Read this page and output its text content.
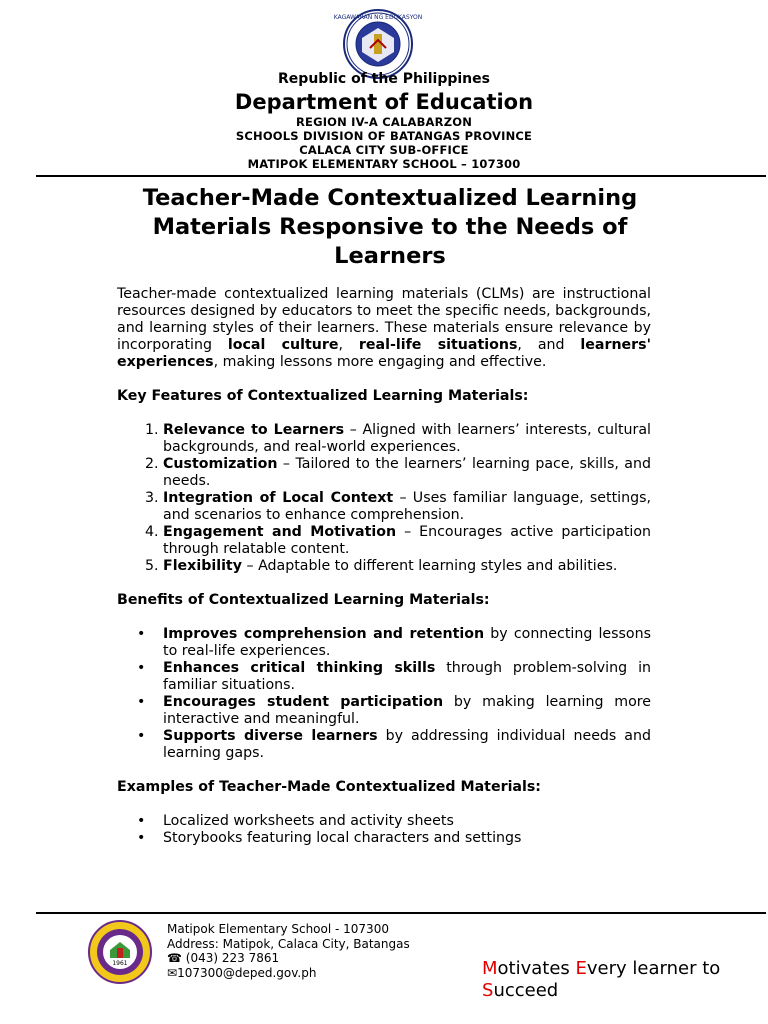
KAGAWARAN NG EDUKASYON
Republic of the Philippines
Department of Education
REGION IV-A CALABARZON
SCHOOLS DIVISION OF BATANGAS PROVINCE
CALACA CITY SUB-OFFICE
MATIPOK ELEMENTARY SCHOOL – 107300
Teacher-Made Contextualized Learning
Materials Responsive to the Needs of
Learners

Teacher-made contextualized learning materials (CLMs) are instructional resources designed by educators to meet the specific needs, backgrounds, and learning styles of their learners. These materials ensure relevance by incorporating local culture, real-life situations, and learners' experiences, making lessons more engaging and effective.

Key Features of Contextualized Learning Materials:
1. Relevance to Learners – Aligned with learners’ interests, cultural backgrounds, and real-world experiences.
2. Customization – Tailored to the learners’ learning pace, skills, and needs.
3. Integration of Local Context – Uses familiar language, settings, and scenarios to enhance comprehension.
4. Engagement and Motivation – Encourages active participation through relatable content.
5. Flexibility – Adaptable to different learning styles and abilities.
Benefits of Contextualized Learning Materials:
• Improves comprehension and retention by connecting lessons to real-life experiences.
• Enhances critical thinking skills through problem-solving in familiar situations.
• Encourages student participation by making learning more interactive and meaningful.
• Supports diverse learners by addressing individual needs and learning gaps.
Examples of Teacher-Made Contextualized Materials:
• Localized worksheets and activity sheets
• Storybooks featuring local characters and settings
1961
Matipok Elementary School - 107300
Address: Matipok, Calaca City, Batangas
☎ (043) 223 7861
✉107300@deped.gov.ph	Motivates Every learner to Succeed
